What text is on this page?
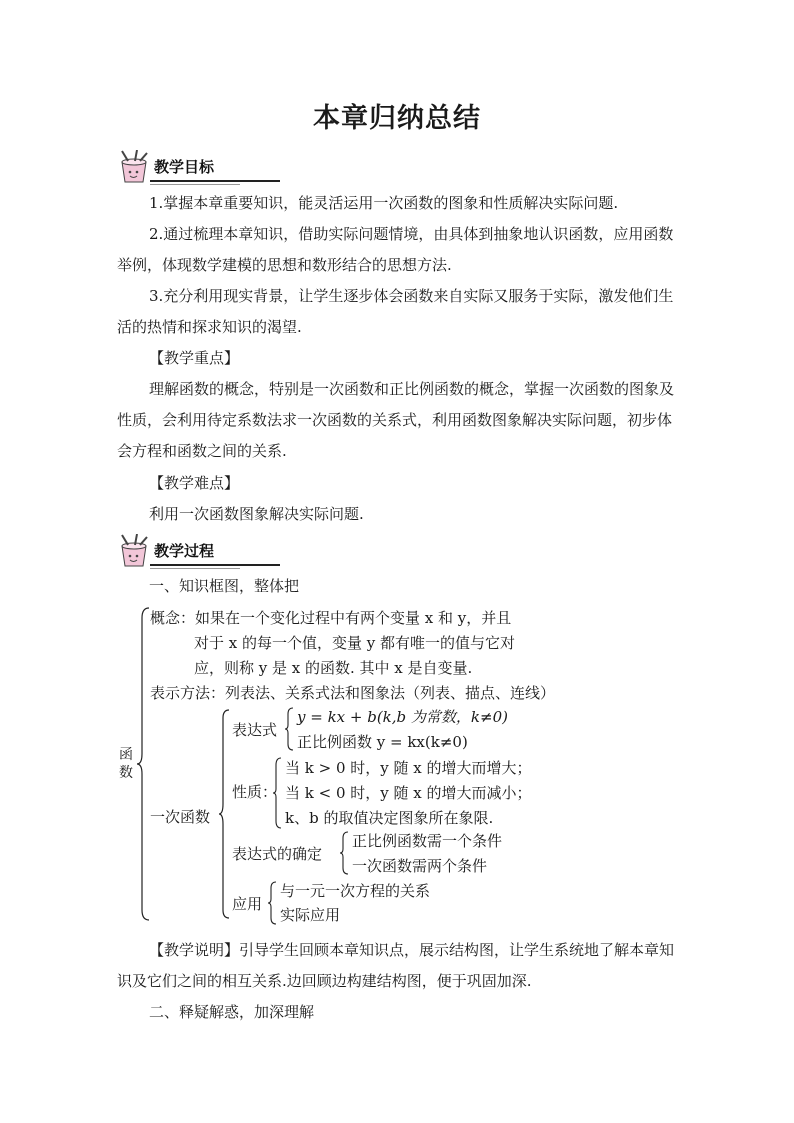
本章归纳总结
教学目标

1.掌握本章重要知识，能灵活运用一次函数的图象和性质解决实际问题.

2.通过梳理本章知识，借助实际问题情境，由具体到抽象地认识函数，应用函数举例，体现数学建模的思想和数形结合的思想方法.

3.充分利用现实背景，让学生逐步体会函数来自实际又服务于实际，激发他们生活的热情和探求知识的渴望.

【教学重点】

理解函数的概念，特别是一次函数和正比例函数的概念，掌握一次函数的图象及性质，会利用待定系数法求一次函数的关系式，利用函数图象解决实际问题，初步体会方程和函数之间的关系.

【教学难点】

利用一次函数图象解决实际问题.

教学过程

一、知识框图，整体把

函
数
概念：如果在一个变化过程中有两个变量 x 和 y，并且
对于 x 的每一个值，变量 y 都有唯一的值与它对
应，则称 y 是 x 的函数. 其中 x 是自变量.
表示方法：列表法、关系式法和图象法（列表、描点、连线）
一次函数
表达式
y = kx + b(k,b 为常数，k≠0)
正比例函数 y = kx(k≠0)
性质：
当 k > 0 时，y 随 x 的增大而增大；
当 k < 0 时，y 随 x 的增大而减小；
k、b 的取值决定图象所在象限.
表达式的确定
正比例函数需一个条件
一次函数需两个条件
应用
与一元一次方程的关系
实际应用

【教学说明】引导学生回顾本章知识点，展示结构图，让学生系统地了解本章知识及它们之间的相互关系.边回顾边构建结构图，便于巩固加深.

二、释疑解惑，加深理解
